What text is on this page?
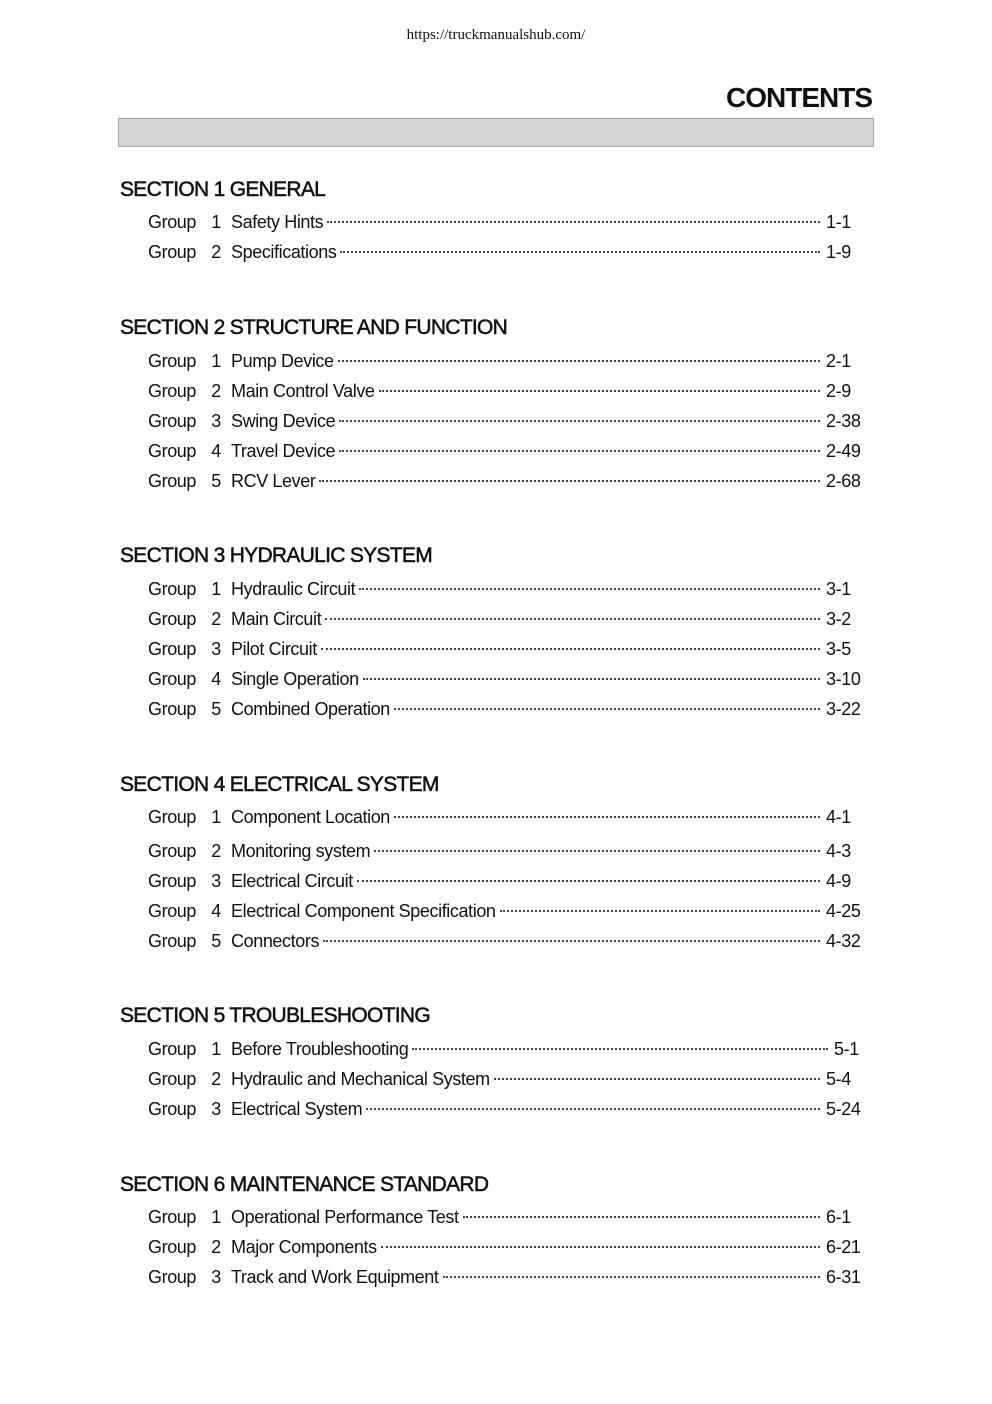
https://truckmanualshub.com/
CONTENTS
SECTION 1 GENERAL
Group 1 Safety Hints	1-1
Group 2 Specifications	1-9
SECTION 2 STRUCTURE AND FUNCTION
Group 1 Pump Device	2-1
Group 2 Main Control Valve	2-9
Group 3 Swing Device	2-38
Group 4 Travel Device	2-49
Group 5 RCV Lever	2-68
SECTION 3 HYDRAULIC SYSTEM
Group 1 Hydraulic Circuit	3-1
Group 2 Main Circuit	3-2
Group 3 Pilot Circuit	3-5
Group 4 Single Operation	3-10
Group 5 Combined Operation	3-22
SECTION 4 ELECTRICAL SYSTEM
Group 1 Component Location	4-1
Group 2 Monitoring system	4-3
Group 3 Electrical Circuit	4-9
Group 4 Electrical Component Specification	4-25
Group 5 Connectors	4-32
SECTION 5 TROUBLESHOOTING
Group 1 Before Troubleshooting	5-1
Group 2 Hydraulic and Mechanical System	5-4
Group 3 Electrical System	5-24
SECTION 6 MAINTENANCE STANDARD
Group 1 Operational Performance Test	6-1
Group 2 Major Components	6-21
Group 3 Track and Work Equipment	6-31
